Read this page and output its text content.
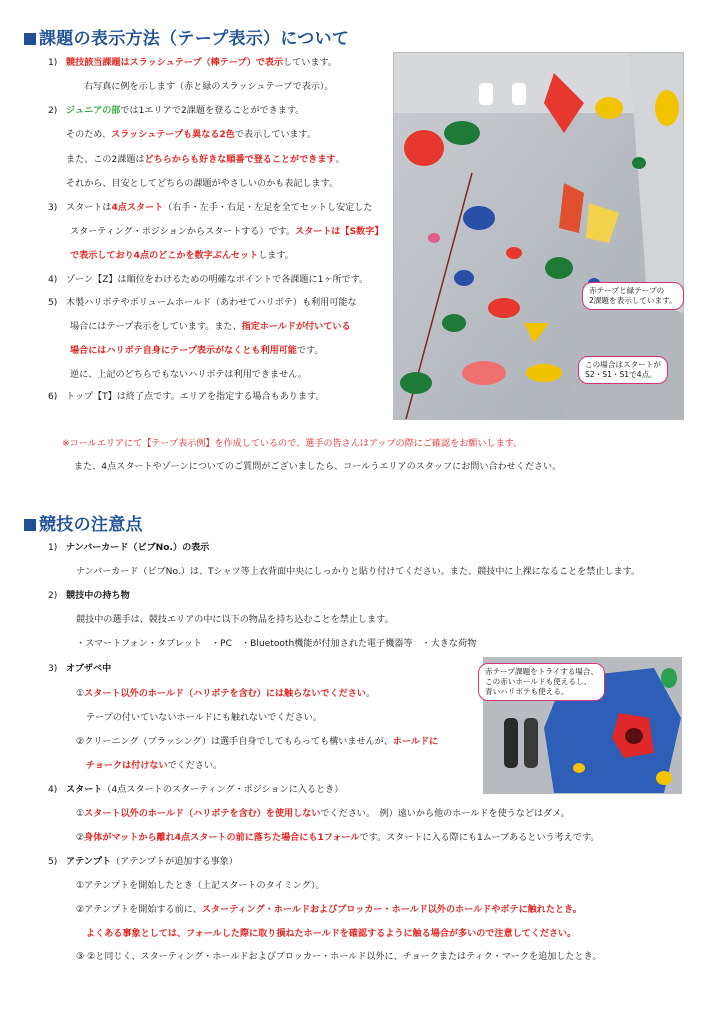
課題の表示方法（テープ表示）について
1) 競技該当課題はスラッシュテープ（棒テープ）で表示しています。
右写真に例を示します（赤と緑のスラッシュテープで表示）。
2) ジュニアの部では1エリアで2課題を登ることができます。
そのため、スラッシュテープも異なる2色で表示しています。
また、この2課題はどちらからも好きな順番で登ることができます。
それから、目安としてどちらの課題がやさしいのかも表記します。
3) スタートは4点スタート（右手・左手・右足・左足を全てセットし安定した
スターティング・ポジションからスタートする）です。スタートは【S数字】
で表示しており4点のどこかを数字ぶんセットします。
4) ゾーン【Z】は順位をわけるための明確なポイントで各課題に1ヶ所です。
5) 木製ハリボテやボリュームホールド（あわせてハリボテ）も利用可能な
場合にはテープ表示をしています。また、指定ホールドが付いている
場合にはハリボテ自身にテープ表示がなくとも利用可能です。
逆に、上記のどちらでもないハリボテは利用できません。
6) トップ【T】は終了点です。エリアを指定する場合もあります。
赤テープと緑テープの
2課題を表示しています。
この場合はスタートが
S2・S1・S1で4点。
※コールエリアにて【テープ表示例】を作成しているので、選手の皆さんはアップの際にご確認をお願いします。
また、4点スタートやゾーンについてのご質問がございましたら、コールうエリアのスタッフにお問い合わせください。
競技の注意点
1) ナンバーカード（ビブNo.）の表示
ナンバーカード（ビブNo.）は、Tシャツ等上衣背面中央にしっかりと貼り付けてください。また、競技中に上裸になることを禁止します。
2) 競技中の持ち物
競技中の選手は、競技エリアの中に以下の物品を持ち込むことを禁止します。
・スマートフォン・タブレット　・PC　・Bluetooth機能が付加された電子機器等　・大きな荷物
3) オブザベ中
①スタート以外のホールド（ハリボテを含む）には触らないでください。
テープの付いていないホールドにも触れないでください。
②クリーニング（ブラッシング）は選手自身でしてもらっても構いませんが、ホールドに
チョークは付けないでください。
4) スタート（4点スタートのスターティング・ポジションに入るとき）
①スタート以外のホールド（ハリボテを含む）を使用しないでください。　例）遠いから他のホールドを使うなどはダメ。
②身体がマットから離れ4点スタートの前に落ちた場合にも1フォールです。スタートに入る際にも1ムーブあるという考えです。
5) アテンプト（アテンプトが追加する事象）
①アテンプトを開始したとき（上記スタートのタイミング）。
②アテンプトを開始する前に、スターティング・ホールドおよびブロッカー・ホールド以外のホールドやボテに触れたとき。
よくある事象としては、フォールした際に取り損ねたホールドを確認するように触る場合が多いので注意してください。
③ ②と同じく、スターティング・ホールドおよびブロッカー・ホールド以外に、チョークまたはティク・マークを追加したとき。
赤テープ課題をトライする場合、
この赤いホールドも使えるし、
青いハリボテも使える。
